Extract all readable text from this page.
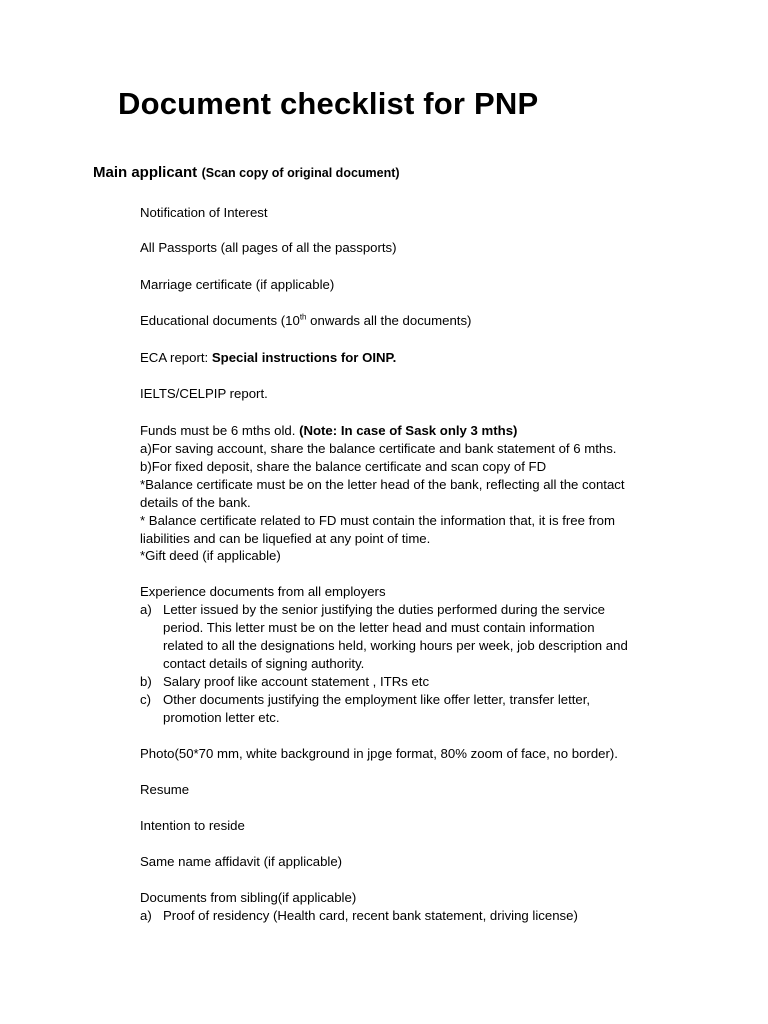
Document checklist for PNP
Main applicant (Scan copy of original document)
Notification of Interest
All Passports (all pages of all the passports)
Marriage certificate (if applicable)
Educational documents (10th onwards all the documents)
ECA report: Special instructions for OINP.
IELTS/CELPIP report.
Funds must be 6 mths old. (Note: In case of Sask only 3 mths)
a)For saving account, share the balance certificate and bank statement of 6 mths.
b)For fixed deposit, share the balance certificate and scan copy of FD
*Balance certificate must be on the letter head of the bank, reflecting all the contact
details of the bank.
* Balance certificate related to FD must contain the information that, it is free from
liabilities and can be liquefied at any point of time.
*Gift deed (if applicable)
Experience documents from all employers
a) Letter issued by the senior justifying the duties performed during the service
period. This letter must be on the letter head and must contain information
related to all the designations held, working hours per week, job description and
contact details of signing authority.
b) Salary proof like account statement , ITRs etc
c) Other documents justifying the employment like offer letter, transfer letter,
promotion letter etc.
Photo(50*70 mm, white background in jpge format, 80% zoom of face, no border).
Resume
Intention to reside
Same name affidavit (if applicable)
Documents from sibling(if applicable)
a) Proof of residency (Health card, recent bank statement, driving license)
